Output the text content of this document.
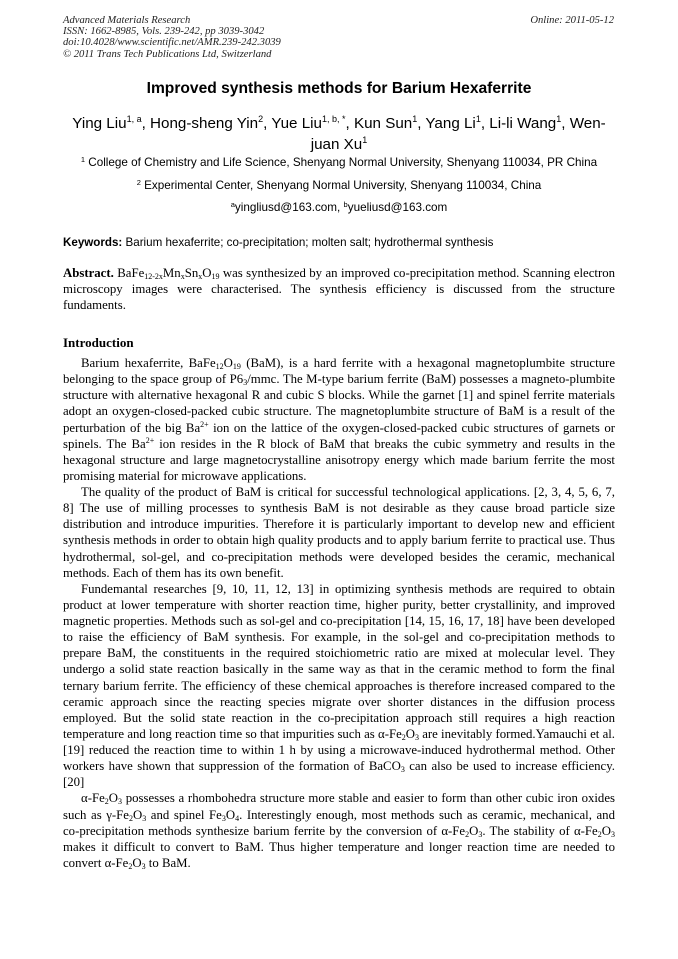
Advanced Materials Research
ISSN: 1662-8985, Vols. 239-242, pp 3039-3042
doi:10.4028/www.scientific.net/AMR.239-242.3039
© 2011 Trans Tech Publications Ltd, Switzerland
Online: 2011-05-12
Improved synthesis methods for Barium Hexaferrite
Ying Liu$^{1, a}$, Hong-sheng Yin$^2$, Yue Liu$^{1, b, *}$, Kun Sun$^1$, Yang Li$^1$, Li-li Wang$^1$, Wen-juan Xu$^1$
$^1$ College of Chemistry and Life Science, Shenyang Normal University, Shenyang 110034, PR China
$^2$ Experimental Center, Shenyang Normal University, Shenyang 110034, China
$^a$yingliusd@163.com, $^b$yueliusd@163.com
Keywords: Barium hexaferrite; co-precipitation; molten salt; hydrothermal synthesis
Abstract. $BaFe_{12-2x}Mn_xSn_xO_{19}$ was synthesized by an improved co-precipitation method. Scanning electron microscopy images were characterised. The synthesis efficiency is discussed from the structure fundaments.
Introduction

Barium hexaferrite, $BaFe_{12}O_{19}$ (BaM), is a hard ferrite with a hexagonal magnetoplumbite structure belonging to the space group of $P6_3$/mmc. The M-type barium ferrite (BaM) possesses a magneto-plumbite structure with alternative hexagonal R and cubic S blocks. While the garnet [1] and spinel ferrite materials adopt an oxygen-closed-packed cubic structure. The magnetoplumbite structure of BaM is a result of the perturbation of the big $Ba^{2+}$ ion on the lattice of the oxygen-closed-packed cubic structures of garnets or spinels. The $Ba^{2+}$ ion resides in the R block of BaM that breaks the cubic symmetry and results in the hexagonal structure and large magnetocrystalline anisotropy energy which made barium ferrite the most promising material for microwave applications.

The quality of the product of BaM is critical for successful technological applications. [2, 3, 4, 5, 6, 7, 8] The use of milling processes to synthesis BaM is not desirable as they cause broad particle size distribution and introduce impurities. Therefore it is particularly important to develop new and efficient synthesis methods in order to obtain high quality products and to apply barium ferrite to practical use. Thus hydrothermal, sol-gel, and co-precipitation methods were developed besides the ceramic, mechanical methods. Each of them has its own benefit.

Fundemantal researches [9, 10, 11, 12, 13] in optimizing synthesis methods are required to obtain product at lower temperature with shorter reaction time, higher purity, better crystallinity, and improved magnetic properties. Methods such as sol-gel and co-precipitation [14, 15, 16, 17, 18] have been developed to raise the efficiency of BaM synthesis. For example, in the sol-gel and co-precipitation methods to prepare BaM, the constituents in the required stoichiometric ratio are mixed at molecular level. They undergo a solid state reaction basically in the same way as that in the ceramic method to form the final ternary barium ferrite. The efficiency of these chemical approaches is therefore increased compared to the ceramic approach since the reacting species migrate over shorter distances in the diffusion process employed. But the solid state reaction in the co-precipitation approach still requires a high reaction temperature and long reaction time so that impurities such as $\alpha-Fe_2O_3$ are inevitably formed.Yamauchi et al. [19] reduced the reaction time to within 1 h by using a microwave-induced hydrothermal method. Other workers have shown that suppression of the formation of BaCO$_3$ can also be used to increase efficiency. [20]

$\alpha-Fe_2O_3$ possesses a rhombohedra structure more stable and easier to form than other cubic iron oxides such as $\gamma-Fe_2O_3$ and spinel $Fe_3O_4$. Interestingly enough, most methods such as ceramic, mechanical, and co-precipitation methods synthesize barium ferrite by the conversion of $\alpha-Fe_2O_3$. The stability of $\alpha-Fe_2O_3$ makes it difficult to convert to BaM. Thus higher temperature and longer reaction time are needed to convert $\alpha-Fe_2O_3$ to BaM.
